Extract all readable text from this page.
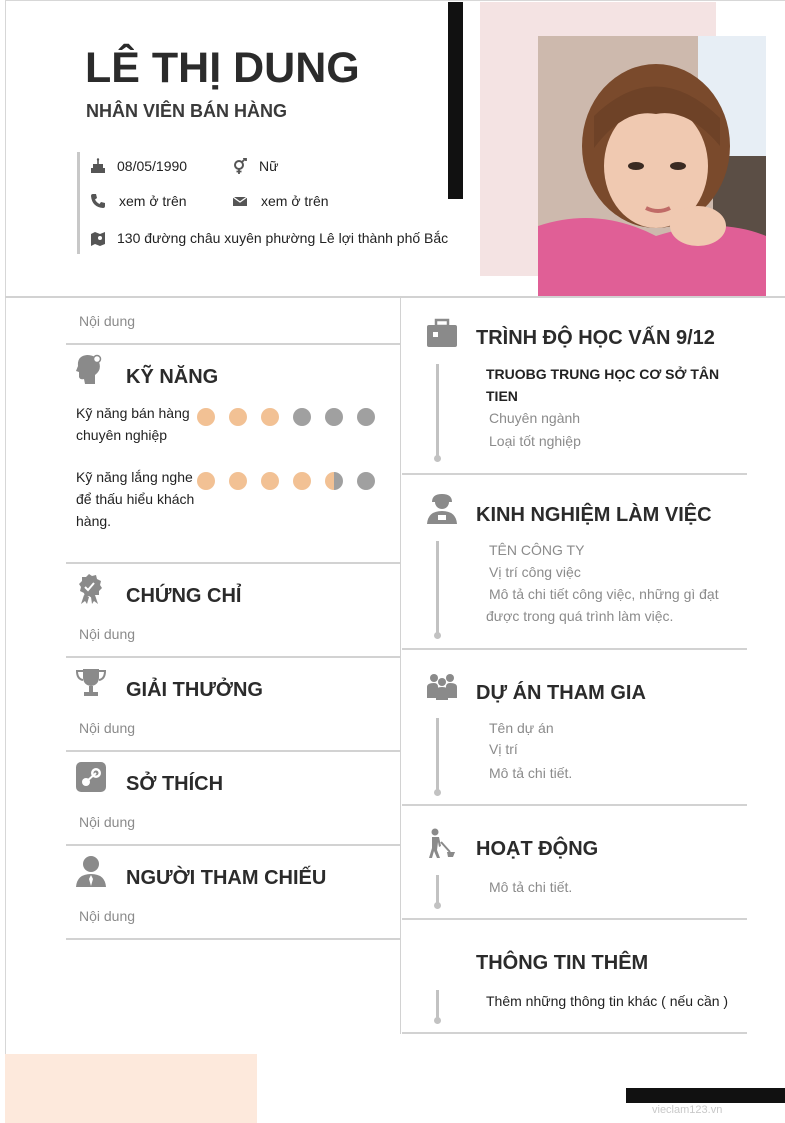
LÊ THỊ DUNG
NHÂN VIÊN BÁN HÀNG
08/05/1990	Nữ
xem ở trên	xem ở trên
130 đường châu xuyên phường Lê lợi thành phố Bắc
Nội dung
KỸ NĂNG
Kỹ năng bán hàng chuyên nghiệp
Kỹ năng lắng nghe để thấu hiểu khách hàng.
CHỨNG CHỈ
Nội dung
GIẢI THƯỞNG
Nội dung
SỞ THÍCH
Nội dung
NGƯỜI THAM CHIẾU
Nội dung
TRÌNH ĐỘ HỌC VẤN 9/12
TRUOBG TRUNG HỌC CƠ SỞ TÂN TIEN
Chuyên ngành
Loại tốt nghiệp
KINH NGHIỆM LÀM VIỆC
TÊN CÔNG TY
Vị trí công việc
Mô tả chi tiết công việc, những gì đạt
được trong quá trình làm việc.
DỰ ÁN THAM GIA
Tên dự án
Vị trí
Mô tả chi tiết.
HOẠT ĐỘNG
Mô tả chi tiết.
THÔNG TIN THÊM
Thêm những thông tin khác ( nếu cần )
vieclam123.vn
